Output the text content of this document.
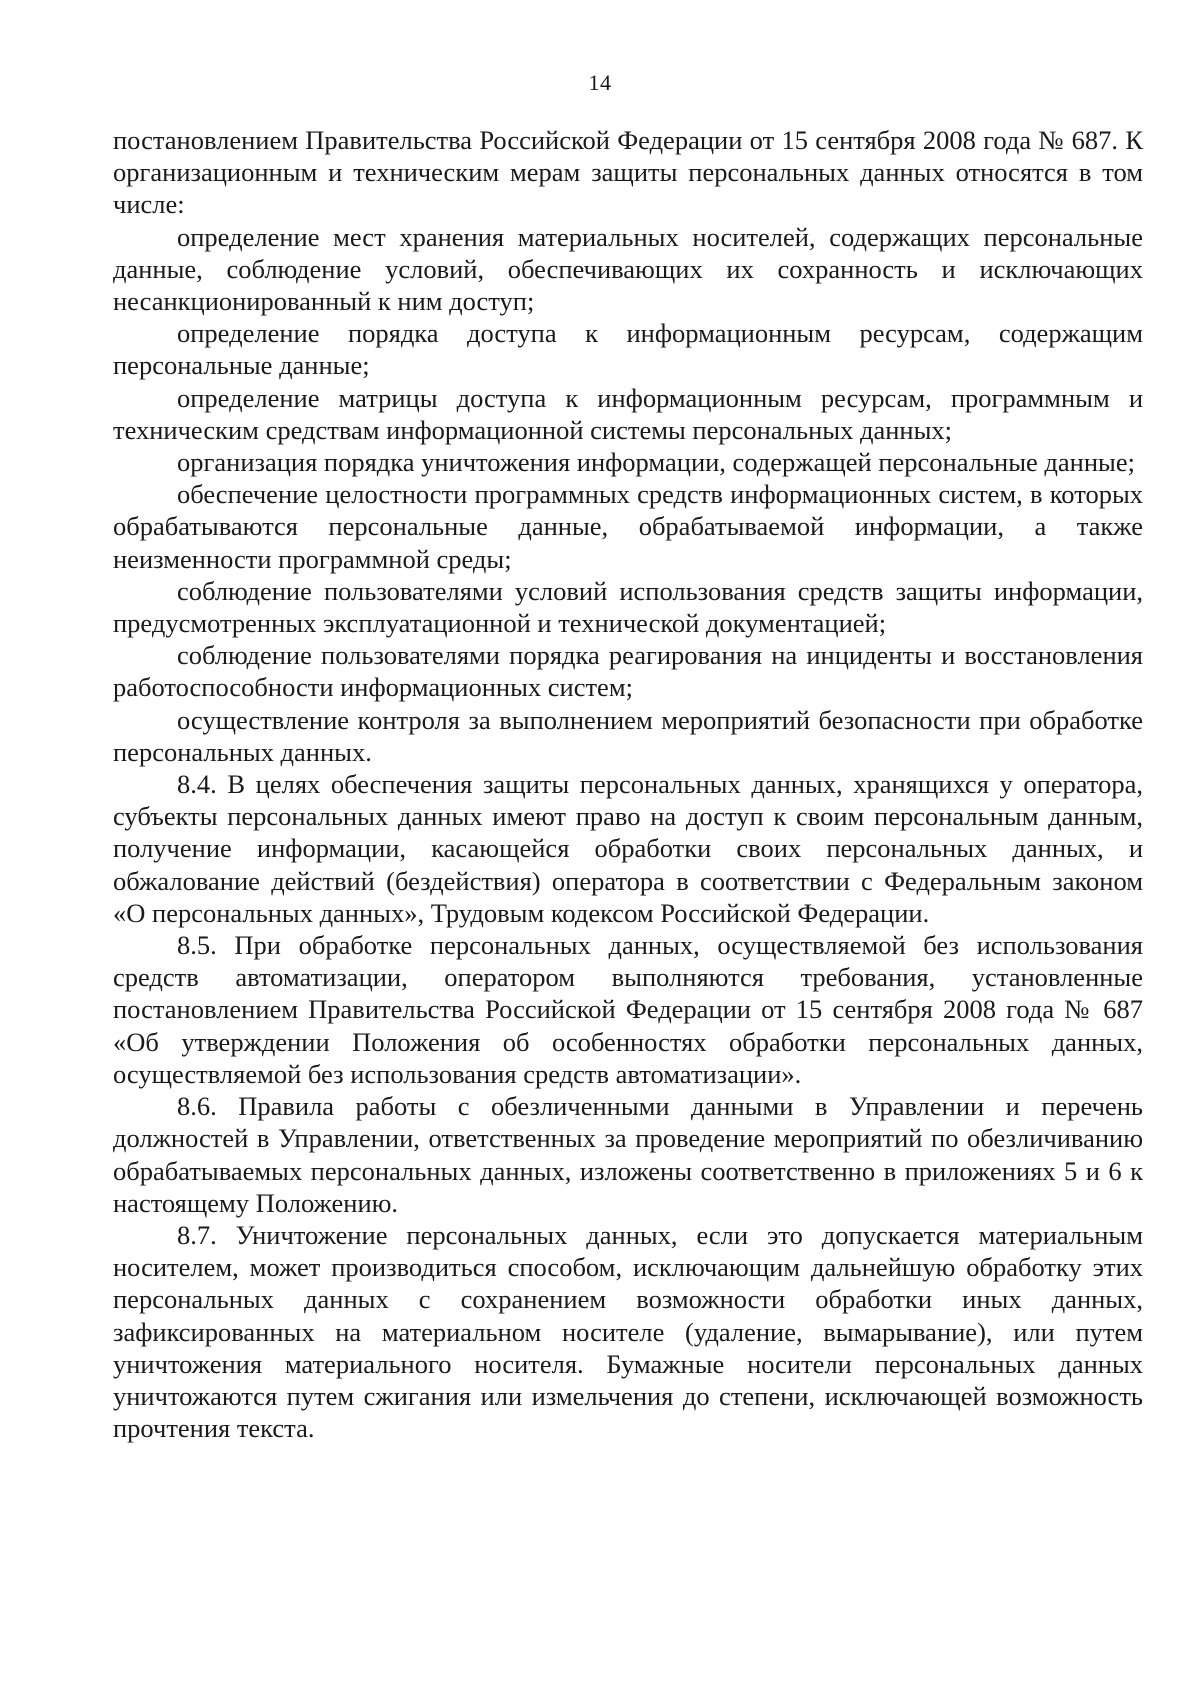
14

постановлением Правительства Российской Федерации от 15 сентября 2008 года № 687. К организационным и техническим мерам защиты персональных данных относятся в том числе:

определение мест хранения материальных носителей, содержащих персональные данные, соблюдение условий, обеспечивающих их сохранность и исключающих несанкционированный к ним доступ;

определение порядка доступа к информационным ресурсам, содержащим персональные данные;

определение матрицы доступа к информационным ресурсам, программным и техническим средствам информационной системы персональных данных;

организация порядка уничтожения информации, содержащей персональные данные;

обеспечение целостности программных средств информационных систем, в которых обрабатываются персональные данные, обрабатываемой информации, а также неизменности программной среды;

соблюдение пользователями условий использования средств защиты информации, предусмотренных эксплуатационной и технической документацией;

соблюдение пользователями порядка реагирования на инциденты и восстановления работоспособности информационных систем;

осуществление контроля за выполнением мероприятий безопасности при обработке персональных данных.

8.4. В целях обеспечения защиты персональных данных, хранящихся у оператора, субъекты персональных данных имеют право на доступ к своим персональным данным, получение информации, касающейся обработки своих персональных данных, и обжалование действий (бездействия) оператора в соответствии с Федеральным законом «О персональных данных», Трудовым кодексом Российской Федерации.

8.5. При обработке персональных данных, осуществляемой без использования средств автоматизации, оператором выполняются требования, установленные постановлением Правительства Российской Федерации от 15 сентября 2008 года № 687 «Об утверждении Положения об особенностях обработки персональных данных, осуществляемой без использования средств автоматизации».

8.6. Правила работы с обезличенными данными в Управлении и перечень должностей в Управлении, ответственных за проведение мероприятий по обезличиванию обрабатываемых персональных данных, изложены соответственно в приложениях 5 и 6 к настоящему Положению.

8.7. Уничтожение персональных данных, если это допускается материальным носителем, может производиться способом, исключающим дальнейшую обработку этих персональных данных с сохранением возможности обработки иных данных, зафиксированных на материальном носителе (удаление, вымарывание), или путем уничтожения материального носителя. Бумажные носители персональных данных уничтожаются путем сжигания или измельчения до степени, исключающей возможность прочтения текста.
